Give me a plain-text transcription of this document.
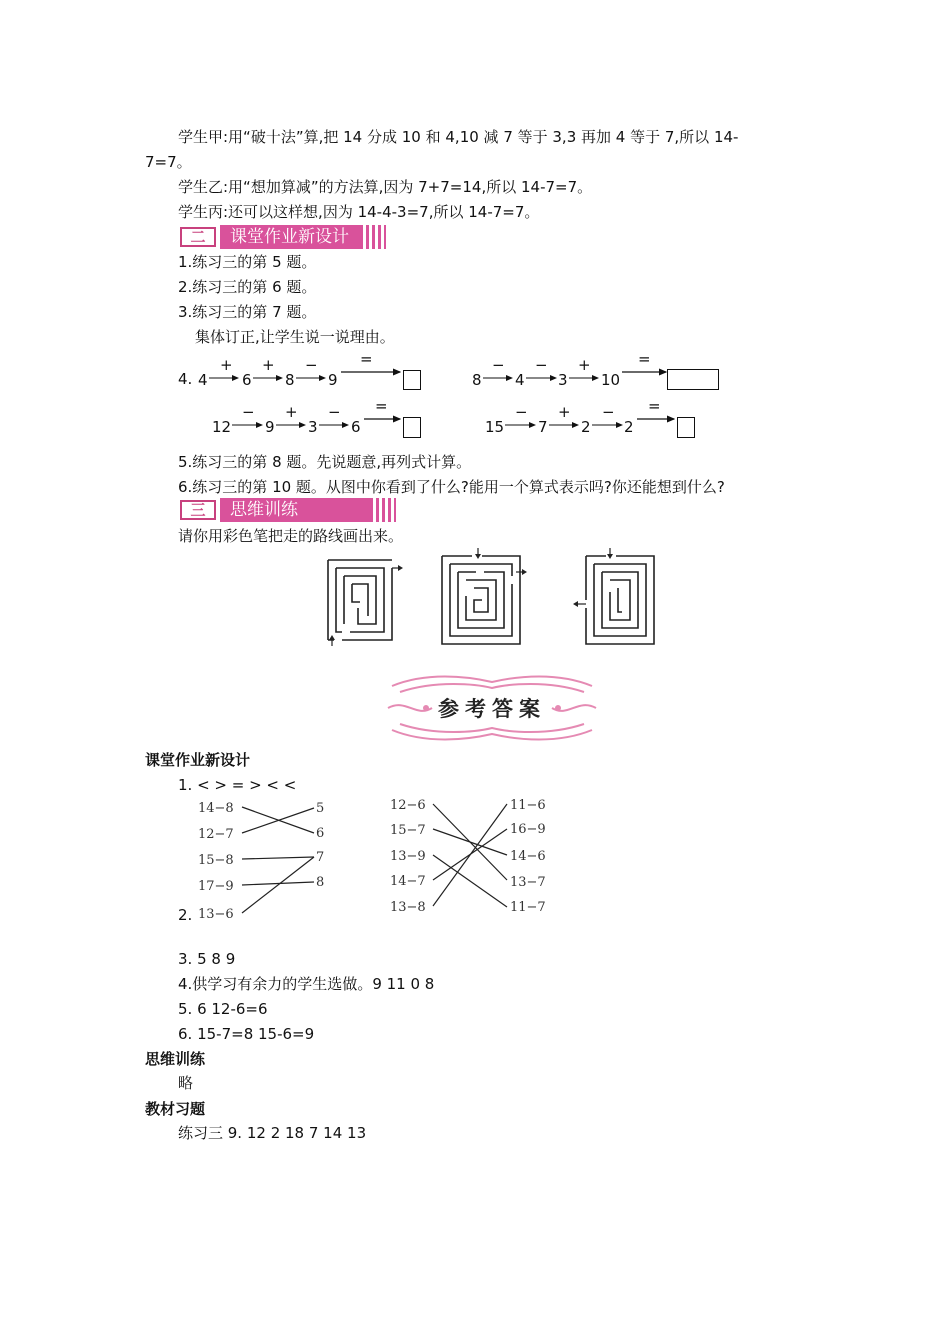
学生甲:用“破十法”算,把 14 分成 10 和 4,10 减 7 等于 3,3 再加 4 等于 7,所以 14-
7=7。
学生乙:用“想加算减”的方法算,因为 7+7=14,所以 14-7=7。
学生丙:还可以这样想,因为 14-4-3=7,所以 14-7=7。
二	课堂作业新设计
1.练习三的第 5 题。
2.练习三的第 6 题。
3.练习三的第 7 题。
集体订正,让学生说一说理由。
4. 4
+
6
+
8
−
9
=
8
−
4
−
3
+
10
=
12
−
9
+
3
−
6
=
15
−
7
+
2
−
2
=
5.练习三的第 8 题。先说题意,再列式计算。
6.练习三的第 10 题。从图中你看到了什么?能用一个算式表示吗?你还能想到什么?
三	思维训练
请你用彩色笔把走的路线画出来。
参考答案
课堂作业新设计
1. < > = > < <
14−8
12−7
15−8
17−9
13−6
5
6
7
8
2.
12−6
15−7
13−9
14−7
13−8
11−6
16−9
14−6
13−7
11−7
3. 5 8 9
4.供学习有余力的学生选做。9 11 0 8
5. 6 12-6=6
6. 15-7=8 15-6=9
思维训练
略
教材习题
练习三 9. 12 2 18 7 14 13
